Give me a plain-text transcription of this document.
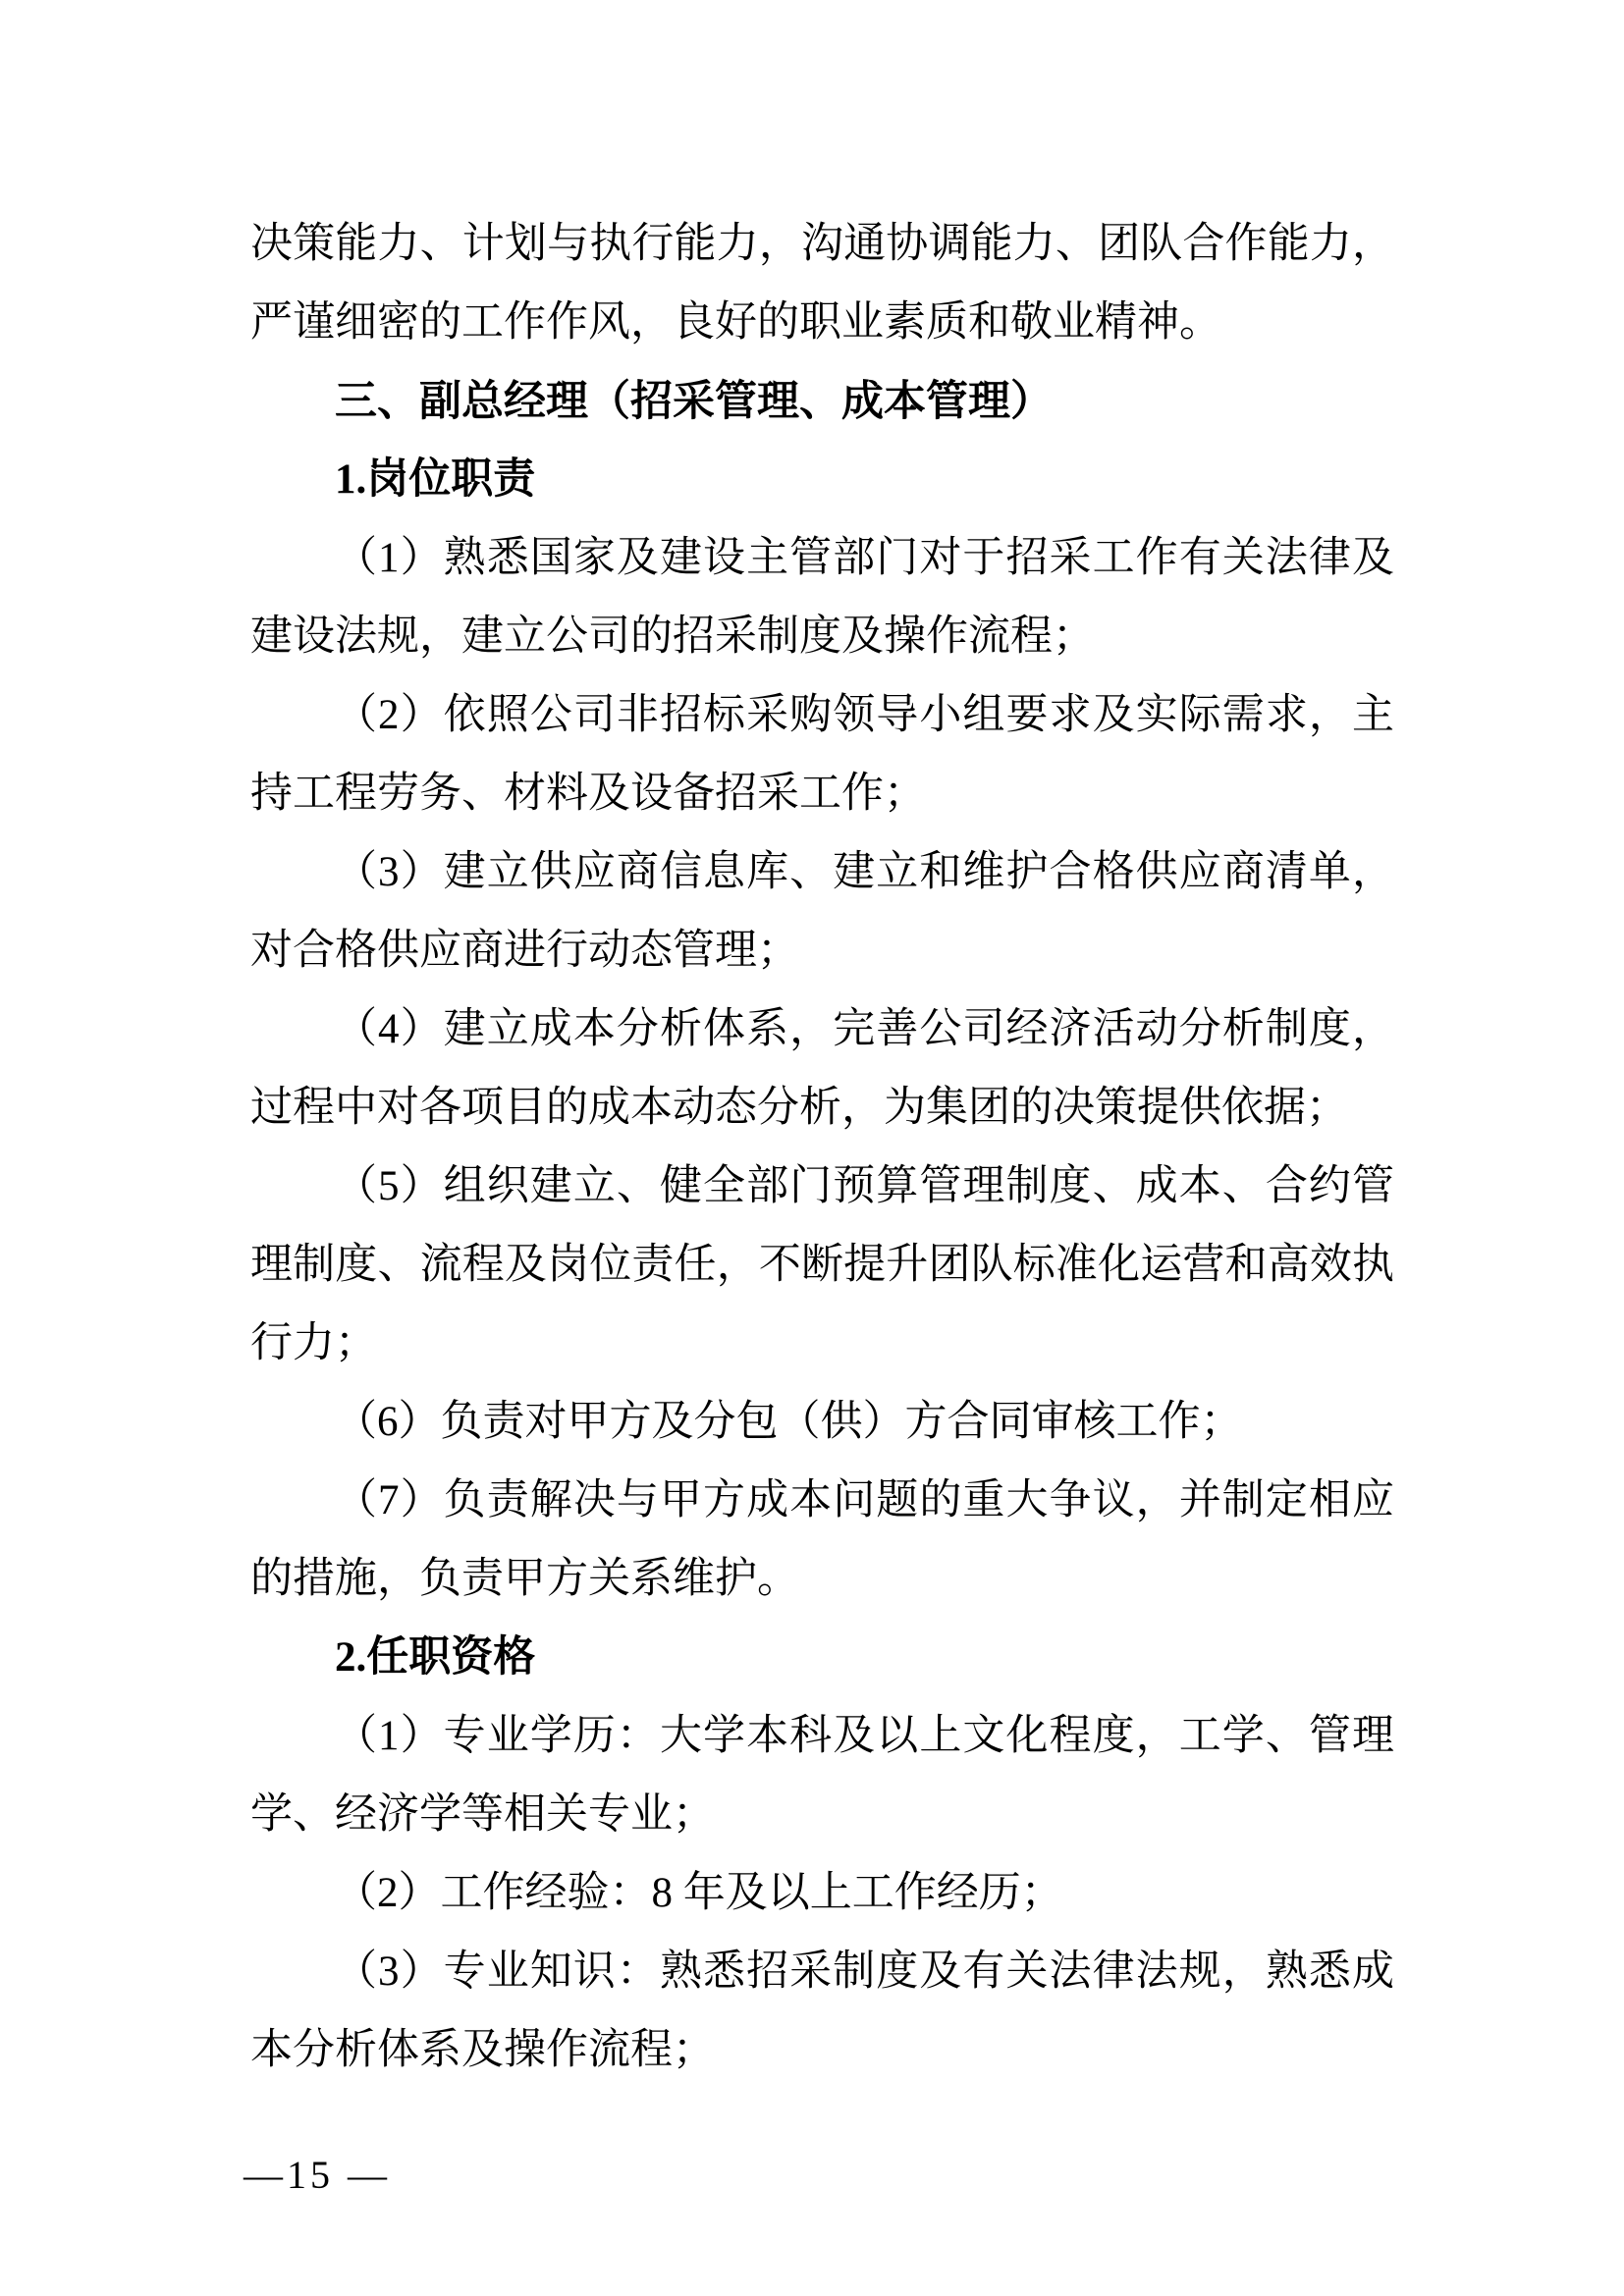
决策能力、计划与执行能力，沟通协调能力、团队合作能力，严谨细密的工作作风，良好的职业素质和敬业精神。

三、副总经理（招采管理、成本管理）

1.岗位职责

（1）熟悉国家及建设主管部门对于招采工作有关法律及建设法规，建立公司的招采制度及操作流程；

（2）依照公司非招标采购领导小组要求及实际需求，主持工程劳务、材料及设备招采工作；

（3）建立供应商信息库、建立和维护合格供应商清单，对合格供应商进行动态管理；

（4）建立成本分析体系，完善公司经济活动分析制度，过程中对各项目的成本动态分析，为集团的决策提供依据；

（5）组织建立、健全部门预算管理制度、成本、合约管理制度、流程及岗位责任，不断提升团队标准化运营和高效执行力；

（6）负责对甲方及分包（供）方合同审核工作；

（7）负责解决与甲方成本问题的重大争议，并制定相应的措施，负责甲方关系维护。

2.任职资格

（1）专业学历：大学本科及以上文化程度，工学、管理学、经济学等相关专业；

（2）工作经验：8 年及以上工作经历；

（3）专业知识：熟悉招采制度及有关法律法规，熟悉成本分析体系及操作流程；

—15 —
